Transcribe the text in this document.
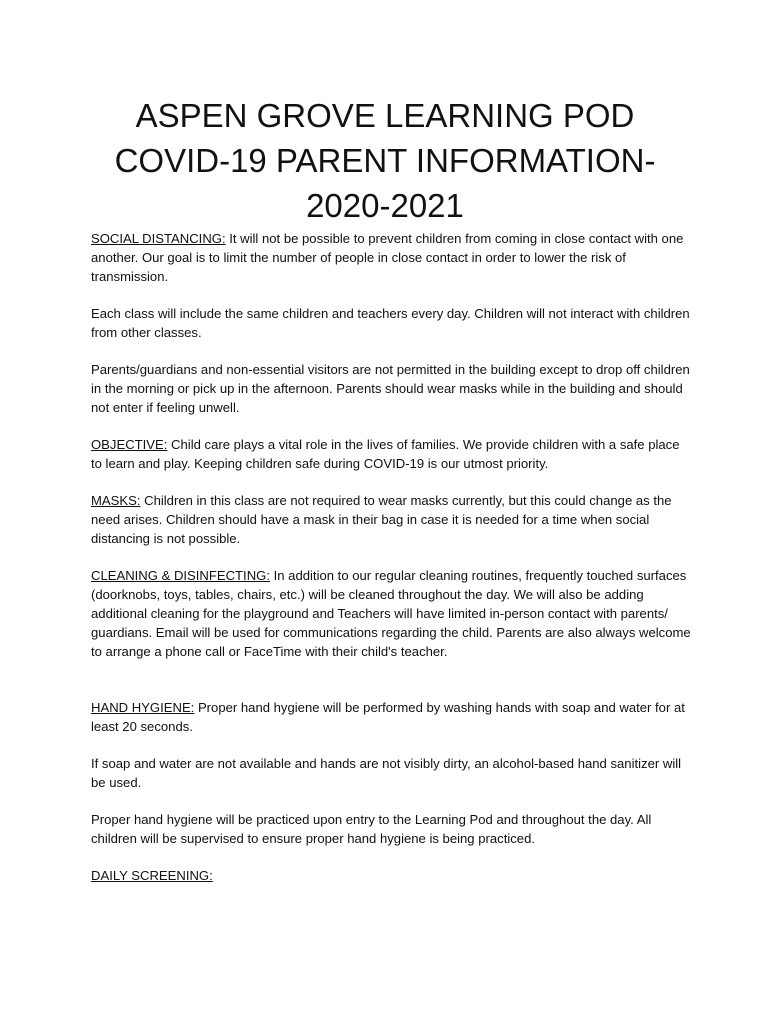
ASPEN GROVE LEARNING POD
COVID-19 PARENT INFORMATION-
2020-2021

SOCIAL DISTANCING: It will not be possible to prevent children from coming in close contact with one another. Our goal is to limit the number of people in close contact in order to lower the risk of transmission.

Each class will include the same children and teachers every day. Children will not interact with children from other classes.

Parents/guardians and non-essential visitors are not permitted in the building except to drop off children in the morning or pick up in the afternoon. Parents should wear masks while in the building and should not enter if feeling unwell.

OBJECTIVE: Child care plays a vital role in the lives of families. We provide children with a safe place to learn and play. Keeping children safe during COVID-19 is our utmost priority.

MASKS: Children in this class are not required to wear masks currently, but this could change as the need arises. Children should have a mask in their bag in case it is needed for a time when social distancing is not possible.

CLEANING & DISINFECTING: In addition to our regular cleaning routines, frequently touched surfaces (doorknobs, toys, tables, chairs, etc.) will be cleaned throughout the day. We will also be adding additional cleaning for the playground and Teachers will have limited in-person contact with parents/ guardians. Email will be used for communications regarding the child. Parents are also always welcome to arrange a phone call or FaceTime with their child's teacher.

HAND HYGIENE: Proper hand hygiene will be performed by washing hands with soap and water for at least 20 seconds.

If soap and water are not available and hands are not visibly dirty, an alcohol-based hand sanitizer will be used.

Proper hand hygiene will be practiced upon entry to the Learning Pod and throughout the day. All children will be supervised to ensure proper hand hygiene is being practiced.

DAILY SCREENING:
